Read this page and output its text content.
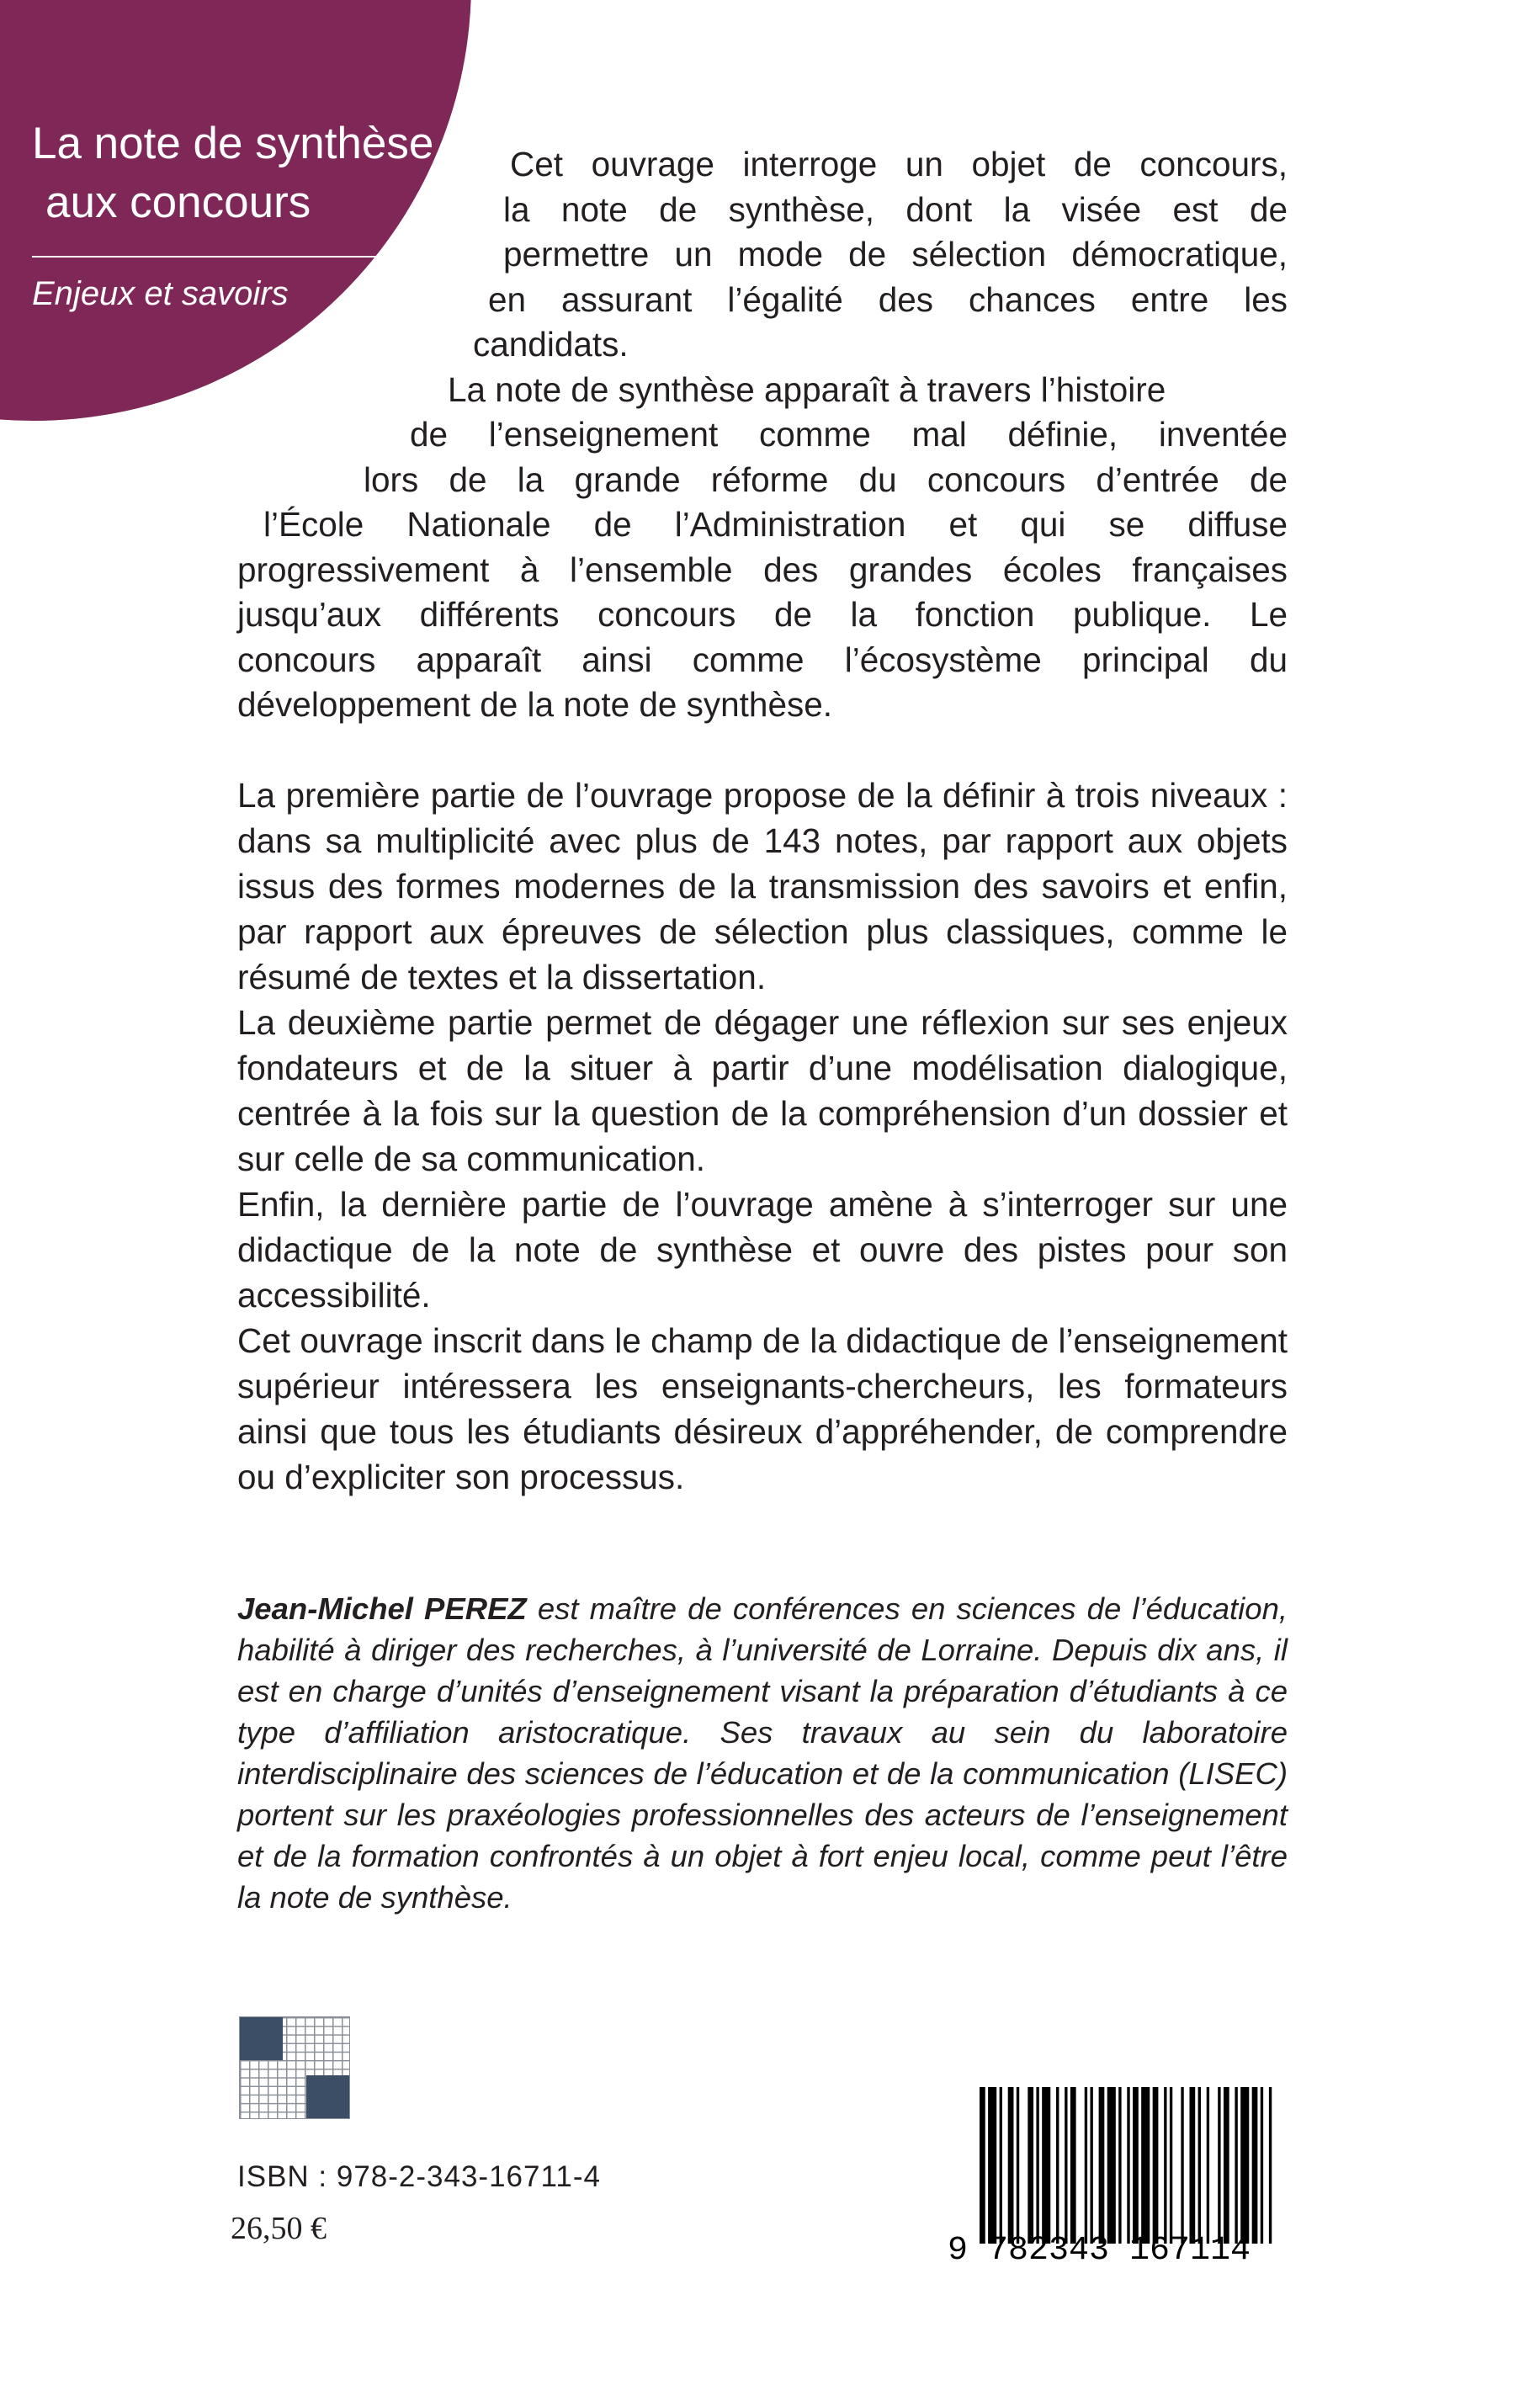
La note de synthèse
aux concours
Enjeux et savoirs
Cet ouvrage interroge un objet de concours,
la note de synthèse, dont la visée est de
permettre un mode de sélection démocratique,
en assurant l’égalité des chances entre les
candidats.
La note de synthèse apparaît à travers l’histoire
de l’enseignement comme mal définie, inventée
lors de la grande réforme du concours d’entrée de
l’École Nationale de l’Administration et qui se diffuse
progressivement à l’ensemble des grandes écoles françaises
jusqu’aux différents concours de la fonction publique. Le
concours apparaît ainsi comme l’écosystème principal du
développement de la note de synthèse.

La première partie de l’ouvrage propose de la définir à trois niveaux : dans sa multiplicité avec plus de 143 notes, par rapport aux objets issus des formes modernes de la transmission des savoirs et enfin, par rapport aux épreuves de sélection plus classiques, comme le résumé de textes et la dissertation.

La deuxième partie permet de dégager une réflexion sur ses enjeux fondateurs et de la situer à partir d’une modélisation dialogique, centrée à la fois sur la question de la compréhension d’un dossier et sur celle de sa communication.

Enfin, la dernière partie de l’ouvrage amène à s’interroger sur une didactique de la note de synthèse et ouvre des pistes pour son accessibilité.

Cet ouvrage inscrit dans le champ de la didactique de l’enseignement supérieur intéressera les enseignants-chercheurs, les formateurs ainsi que tous les étudiants désireux d’appréhender, de comprendre ou d’expliciter son processus.

Jean-Michel PEREZ est maître de conférences en sciences de l’éducation, habilité à diriger des recherches, à l’université de Lorraine. Depuis dix ans, il est en charge d’unités d’enseignement visant la préparation d’étudiants à ce type d’affiliation aristocratique. Ses travaux au sein du laboratoire interdisciplinaire des sciences de l’éducation et de la communication (LISEC) portent sur les praxéologies professionnelles des acteurs de l’enseignement et de la formation confrontés à un objet à fort enjeu local, comme peut l’être la note de synthèse.
ISBN : 978-2-343-16711-4
26,50 €
9 782343 167114
